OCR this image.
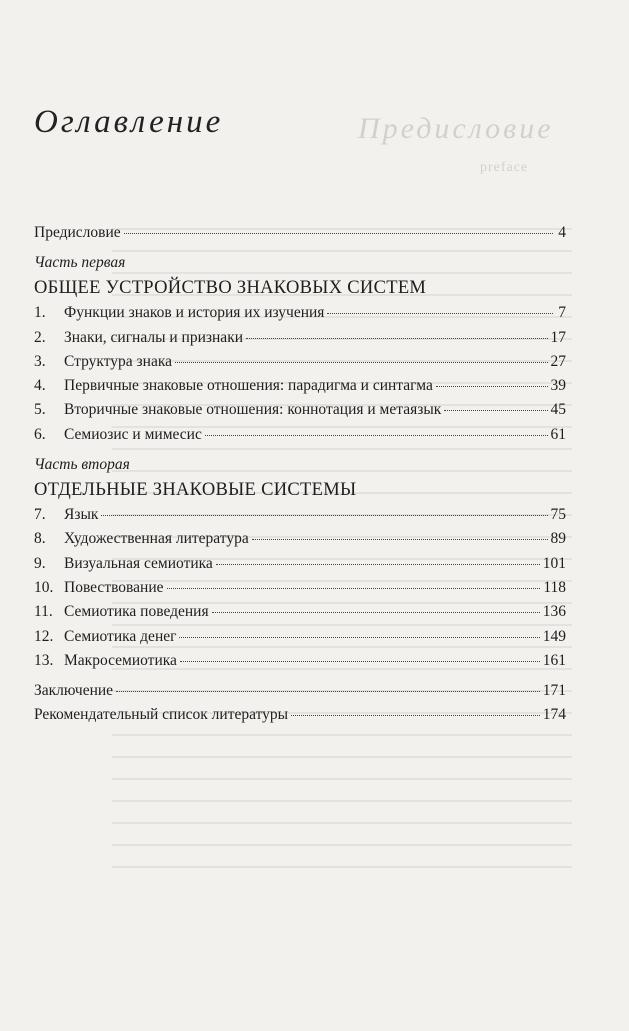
Предисловие
preface
Оглавление
Предисловие	4
Часть первая
ОБЩЕЕ УСТРОЙСТВО ЗНАКОВЫХ СИСТЕМ
1.	Функции знаков и история их изучения	7
2.	Знаки, сигналы и признаки	17
3.	Структура знака	27
4.	Первичные знаковые отношения: парадигма и синтагма	39
5.	Вторичные знаковые отношения: коннотация и метаязык	45
6.	Семиозис и мимесис	61
Часть вторая
ОТДЕЛЬНЫЕ ЗНАКОВЫЕ СИСТЕМЫ
7.	Язык	75
8.	Художественная литература	89
9.	Визуальная семиотика	101
10. Повествование	118
11. Семиотика поведения	136
12. Семиотика денег	149
13. Макросемиотика	161
Заключение	171
Рекомендательный список литературы	174
